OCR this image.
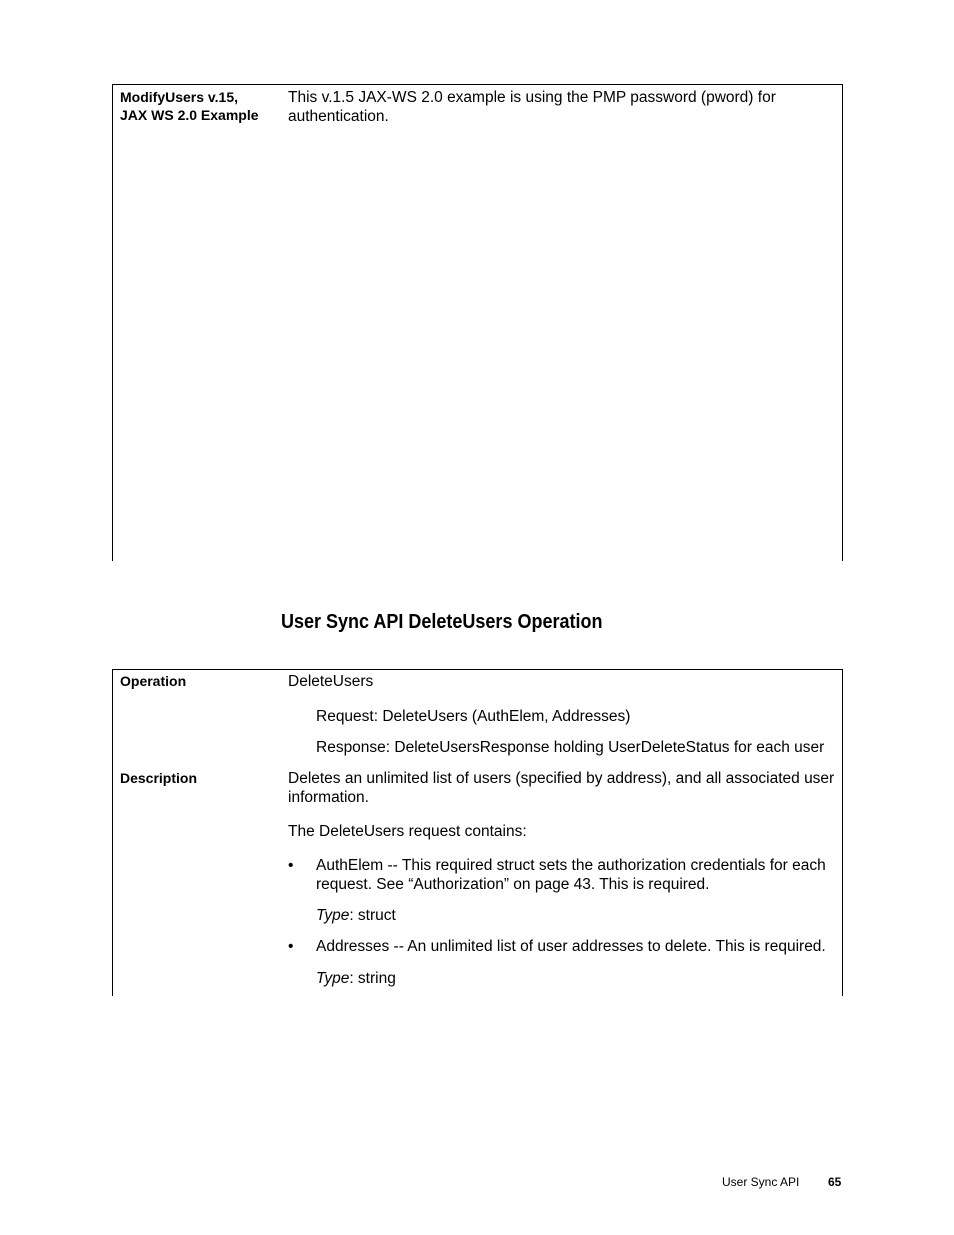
ModifyUsers v.15,
JAX WS 2.0 Example
This v.1.5 JAX-WS 2.0 example is using the PMP password (pword) for
authentication.
User Sync API DeleteUsers Operation
Operation	DeleteUsers
Request: DeleteUsers (AuthElem, Addresses)
Response: DeleteUsersResponse holding UserDeleteStatus for each user
Description	Deletes an unlimited list of users (specified by address), and all associated user
information.
The DeleteUsers request contains:
• AuthElem -- This required struct sets the authorization credentials for each
request. See “Authorization” on page 43. This is required.
Type: struct
• Addresses -- An unlimited list of user addresses to delete. This is required.
Type: string
User Sync API 65
